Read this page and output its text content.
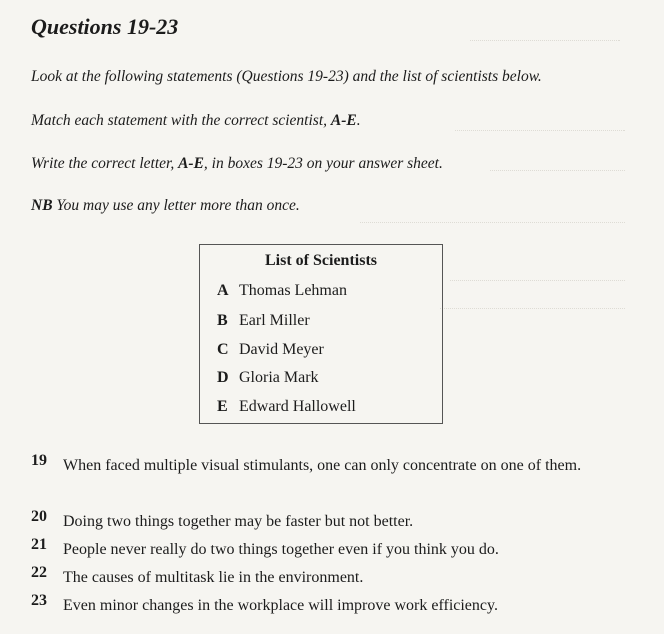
Questions 19-23
Look at the following statements (Questions 19-23) and the list of scientists below.
Match each statement with the correct scientist, A-E.
Write the correct letter, A-E, in boxes 19-23 on your answer sheet.
NB You may use any letter more than once.
List of Scientists
A Thomas Lehman
B Earl Miller
C David Meyer
D Gloria Mark
E Edward Hallowell
19 When faced multiple visual stimulants, one can only concentrate on one of them.
20 Doing two things together may be faster but not better.
21 People never really do two things together even if you think you do.
22 The causes of multitask lie in the environment.
23 Even minor changes in the workplace will improve work efficiency.
